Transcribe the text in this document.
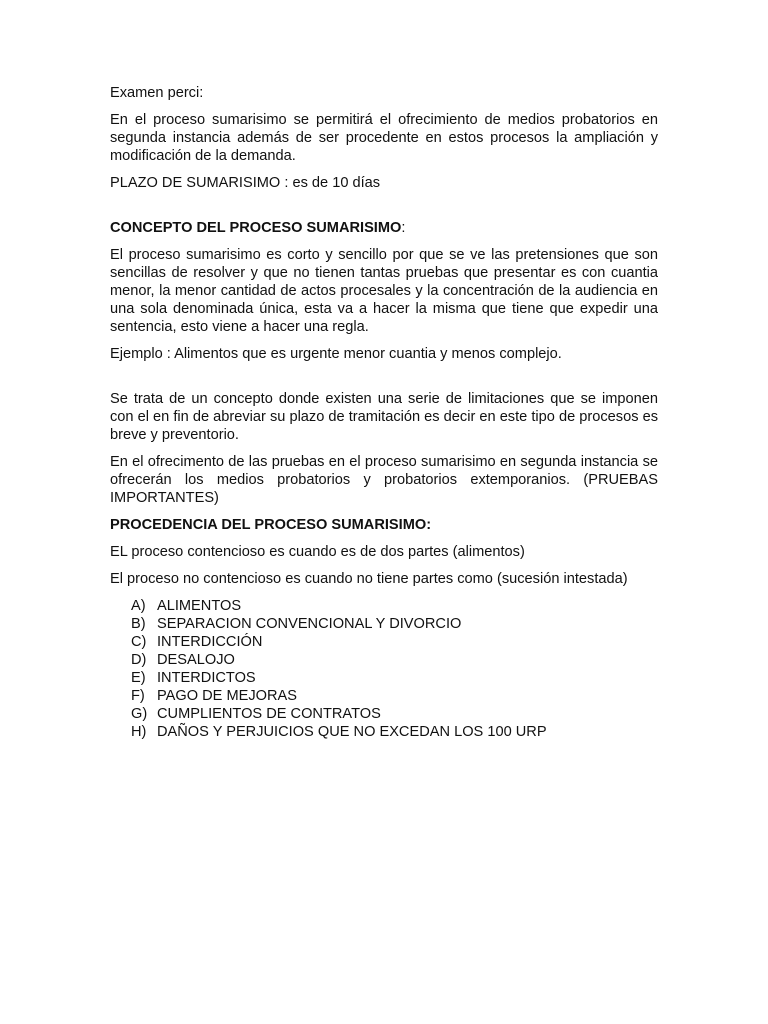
Examen perci:

En el proceso sumarisimo se permitirá el ofrecimiento de medios probatorios en segunda instancia además de ser procedente en estos procesos la ampliación y modificación de la demanda.

PLAZO DE SUMARISIMO : es de 10 días

CONCEPTO DEL PROCESO SUMARISIMO:

El proceso sumarisimo es corto y sencillo por que se ve las pretensiones que son sencillas de resolver y que no tienen tantas pruebas que presentar es con cuantia menor, la menor cantidad de actos procesales y la concentración de la audiencia en una sola denominada única, esta va a hacer la misma que tiene que expedir una sentencia, esto viene a hacer una regla.

Ejemplo : Alimentos que es urgente menor cuantia y menos complejo.

Se trata de un concepto donde existen una serie de limitaciones que se imponen con el en fin de abreviar su plazo de tramitación es decir en este tipo de procesos es breve y preventorio.

En el ofrecimento de las pruebas en el proceso sumarisimo en segunda instancia se ofrecerán los medios probatorios y probatorios extemporanios. (PRUEBAS IMPORTANTES)

PROCEDENCIA DEL PROCESO SUMARISIMO:

EL proceso contencioso es cuando es de dos partes (alimentos)

El proceso no contencioso es cuando no tiene partes como (sucesión intestada)

A) ALIMENTOS
B) SEPARACION CONVENCIONAL Y DIVORCIO
C) INTERDICCIÓN
D) DESALOJO
E) INTERDICTOS
F) PAGO DE MEJORAS
G) CUMPLIENTOS DE CONTRATOS
H) DAÑOS Y PERJUICIOS QUE NO EXCEDAN LOS 100 URP
